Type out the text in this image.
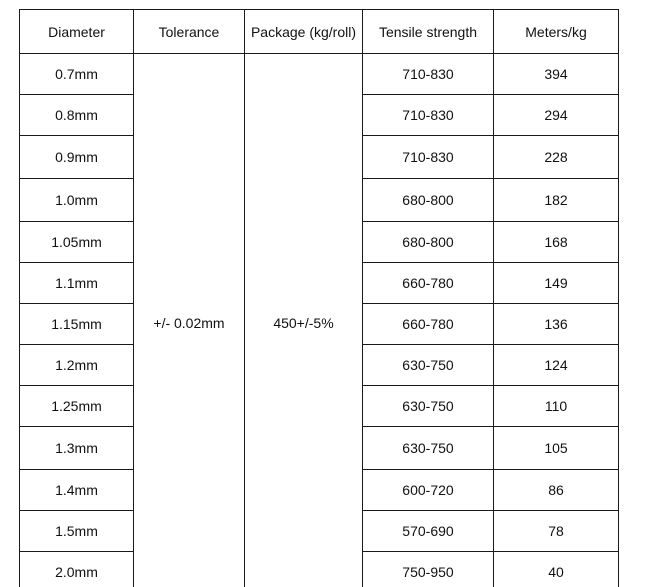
Diameter	Tolerance	Package (kg/roll)	Tensile strength	Meters/kg
0.7mm	+/- 0.02mm	450+/-5%	710-830	394
0.8mm			710-830	294
0.9mm			710-830	228
1.0mm			680-800	182
1.05mm			680-800	168
1.1mm			660-780	149
1.15mm			660-780	136
1.2mm			630-750	124
1.25mm			630-750	110
1.3mm			630-750	105
1.4mm			600-720	86
1.5mm			570-690	78
2.0mm			750-950	40
